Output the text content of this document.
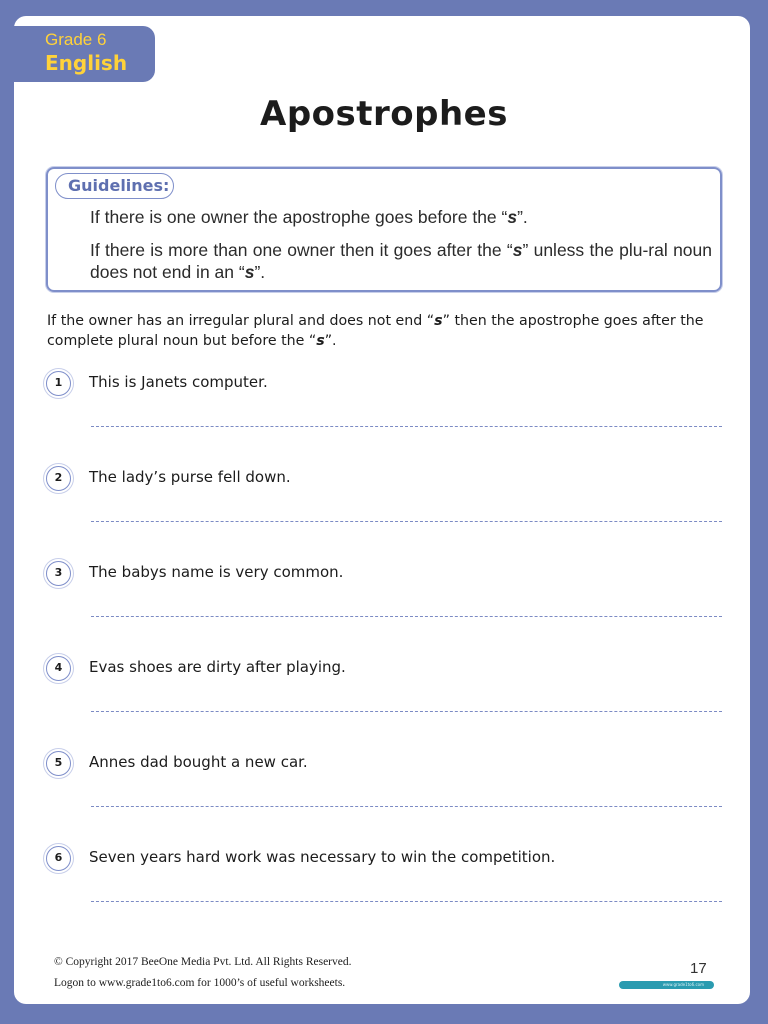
Grade 6
English
Apostrophes
Guidelines:
If there is one owner the apostrophe goes before the “s”.
If there is more than one owner then it goes after the “s” unless the plu-ral noun does not end in an “s”.
If the owner has an irregular plural and does not end “s” then the apostrophe goes after the complete plural noun but before the “s”.
1	This is Janets computer.
2	The lady’s purse fell down.
3	The babys name is very common.
4	Evas shoes are dirty after playing.
5	Annes dad bought a new car.
6	Seven years hard work was necessary to win the competition.
© Copyright 2017 BeeOne Media Pvt. Ltd. All Rights Reserved.
Logon to www.grade1to6.com for 1000’s of useful worksheets.
17
www.grade1to6.com
